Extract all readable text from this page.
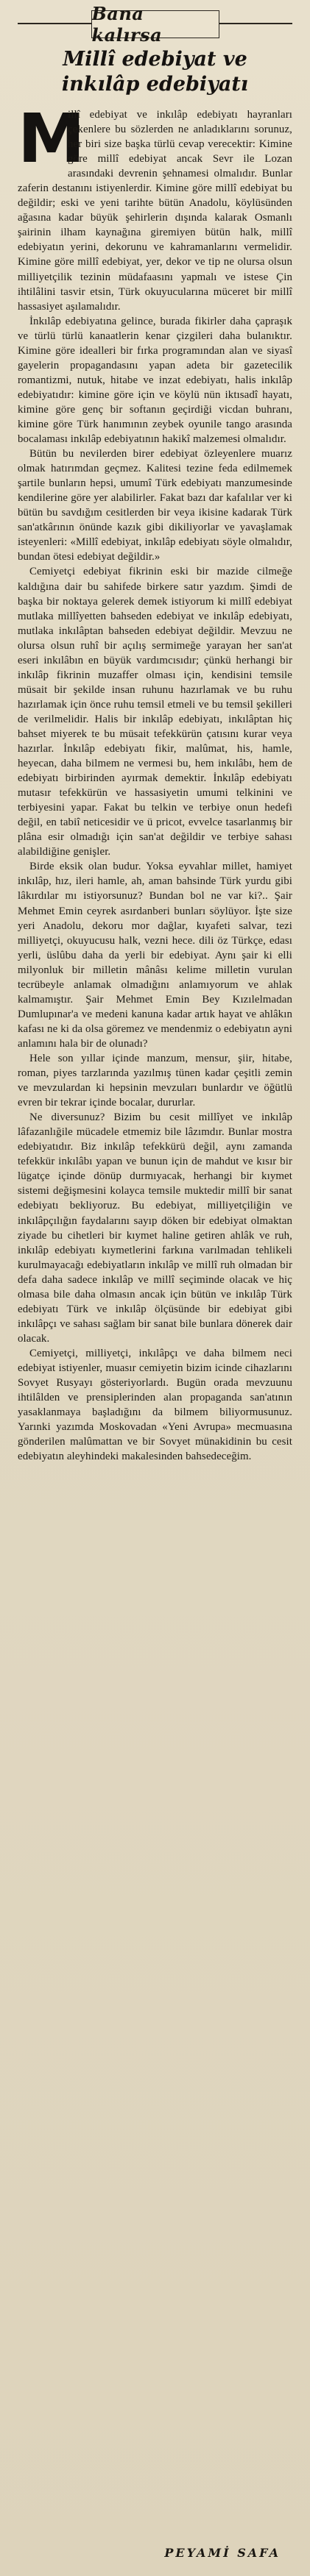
Bana kalırsa
Millî edebiyat ve
inkılâp edebiyatı

M
illî edebiyat ve inkılâp edebiyatı hayranları çekenlere bu sözlerden ne anladıklarını sorunuz, her biri size başka türlü cevap verecektir: Kimine göre millî edebiyat ancak Sevr ile Lozan arasındaki devrenin şehnamesi olmalıdır. Bunlar zaferin destanını istiyenlerdir. Kimine göre millî edebiyat bu değildir; eski ve yeni tarihte bütün Anadolu, köylüsünden ağasına kadar büyük şehirlerin dışında kalarak Osmanlı şairinin ilham kaynağına giremiyen bütün halk, millî edebiyatın yerini, dekorunu ve kahramanlarını vermelidir. Kimine göre millî edebiyat, yer, dekor ve tip ne olursa olsun milliyetçilik tezinin müdafaasını yapmalı ve istese Çin ihtilâlini tasvir etsin, Türk okuyucularına müceret bir millî hassasiyet aşılamalıdır.

İnkılâp edebiyatına gelince, burada fikirler daha çapraşık ve türlü türlü kanaatlerin kenar çizgileri daha bulanıktır. Kimine göre idealleri bir fırka programından alan ve siyasî gayelerin propagandasını yapan adeta bir gazetecilik romantizmi, nutuk, hitabe ve inzat edebiyatı, halis inkılâp edebiyatıdır: kimine göre için ve köylü nün iktısadî hayatı, kimine göre genç bir softanın geçirdiği vicdan buhranı, kimine göre Türk hanımının zeybek oyunile tango arasında bocalaması inkılâp edebiyatının hakikî malzemesi olmalıdır.

Bütün bu nevilerden birer edebiyat özleyenlere muarız olmak hatırımdan geçmez. Kalitesi tezine feda edilmemek şartile bunların hepsi, umumî Türk edebiyatı manzumesinde kendilerine göre yer alabilirler. Fakat bazı dar kafalılar ver ki bütün bu savdığım cesitlerden bir veya ikisine kadarak Türk san'atkârının önünde kazık gibi dikiliyorlar ve yavaşlamak isteyenleri: «Millî edebiyat, inkılâp edebiyatı söyle olmalıdır, bundan ötesi edebiyat değildir.»

Cemiyetçi edebiyat fikrinin eski bir mazide cilmeğe kaldığına dair bu sahifede birkere satır yazdım. Şimdi de başka bir noktaya gelerek demek istiyorum ki millî edebiyat mutlaka millîyetten bahseden edebiyat ve inkılâp edebiyatı, mutlaka inkılâptan bahseden edebiyat değildir. Mevzuu ne olursa olsun ruhî bir açılış sermimeğe yarayan her san'at eseri inkılâbın en büyük vardımcısıdır; çünkü herhangi bir inkılâp fikrinin muzaffer olması için, kendisini temsile müsait bir şekilde insan ruhunu hazırlamak ve bu ruhu hazırlamak için önce ruhu temsil etmeli ve bu temsil şekilleri de verilmelidir. Halis bir inkılâp edebiyatı, inkılâptan hiç bahset miyerek te bu müsait tefekkürün çatısını kurar veya hazırlar. İnkılâp edebiyatı fikir, malûmat, his, hamle, heyecan, daha bilmem ne vermesi bu, hem inkılâbı, hem de edebiyatı birbirinden ayırmak demektir. İnkılâp edebiyatı mutasır tefekkürün ve hassasiyetin umumi telkinini ve terbiyesini yapar. Fakat bu telkin ve terbiye onun hedefi değil, en tabiî neticesidir ve ü pricot, evvelce tasarlanmış bir plâna esir olmadığı için san'at değildir ve terbiye sahası alabildiğine genişler.

Birde eksik olan budur. Yoksa eyvahlar millet, hamiyet inkılâp, hız, ileri hamle, ah, aman bahsinde Türk yurdu gibi lâkırdılar mı istiyorsunuz? Bundan bol ne var ki?.. Şair Mehmet Emin ceyrek asırdanberi bunları söylüyor. İşte size yeri Anadolu, dekoru mor dağlar, kıyafeti salvar, tezi milliyetçi, okuyucusu halk, vezni hece. dili öz Türkçe, edası yerli, üslûbu daha da yerli bir edebiyat. Aynı şair ki elli milyonluk bir milletin mânâsı kelime milletin vurulan tecrübeyle anlamak olmadığını anlamıyorum ve ahlak kalmamıştır. Şair Mehmet Emin Bey Kızılelmadan Dumlupınar'a ve medeni kanuna kadar artık hayat ve ahlâkın kafası ne ki da olsa göremez ve mendenmiz o edebiyatın ayni anlamını hala bir de olunadı?

Hele son yıllar içinde manzum, mensur, şiir, hitabe, roman, piyes tarzlarında yazılmış tünen kadar çeşitli zemin ve mevzulardan ki hepsinin mevzuları bunlardır ve öğütlü evren bir tekrar içinde bocalar, dururlar.

Ne diversunuz? Bizim bu cesit millîyet ve inkılâp lâfazanlığile mücadele etmemiz bile lâzımdır. Bunlar mostra edebiyatıdır. Biz inkılâp tefekkürü değil, aynı zamanda tefekkür inkılâbı yapan ve bunun için de mahdut ve kısır bir lügatçe içinde dönüp durmıyacak, herhangi bir kıymet sistemi değişmesini kolayca temsile muktedir millî bir sanat edebiyatı bekliyoruz. Bu edebiyat, milliyetçiliğin ve inkılâpçılığın faydalarını sayıp döken bir edebiyat olmaktan ziyade bu cihetleri bir kıymet haline getiren ahlâk ve ruh, inkılâp edebiyatı kıymetlerini farkına varılmadan tehlikeli kurulmayacağı edebiyatların inkılâp ve millî ruh olmadan bir defa daha sadece inkılâp ve millî seçiminde olacak ve hiç olmasa bile daha olmasın ancak için bütün ve inkılâp Türk edebiyatı Türk ve inkılâp ölçüsünde bir edebiyat gibi inkılâpçı ve sahası sağlam bir sanat bile bunlara dönerek dair olacak.

Cemiyetçi, milliyetçi, inkılâpçı ve daha bilmem neci edebiyat istiyenler, muasır cemiyetin bizim icinde cihazlarını Sovyet Rusyayı gösteriyorlardı. Bugün orada mevzuunu ihtilâlden ve prensiplerinden alan propaganda san'atının yasaklanmaya başladığını da bilmem biliyormusunuz. Yarınki yazımda Moskovadan «Yeni Avrupa» mecmuasına gönderilen malûmattan ve bir Sovyet münakidinin bu cesit edebiyatın aleyhindeki makalesinden bahsedeceğim.

PEYAMİ SAFA
